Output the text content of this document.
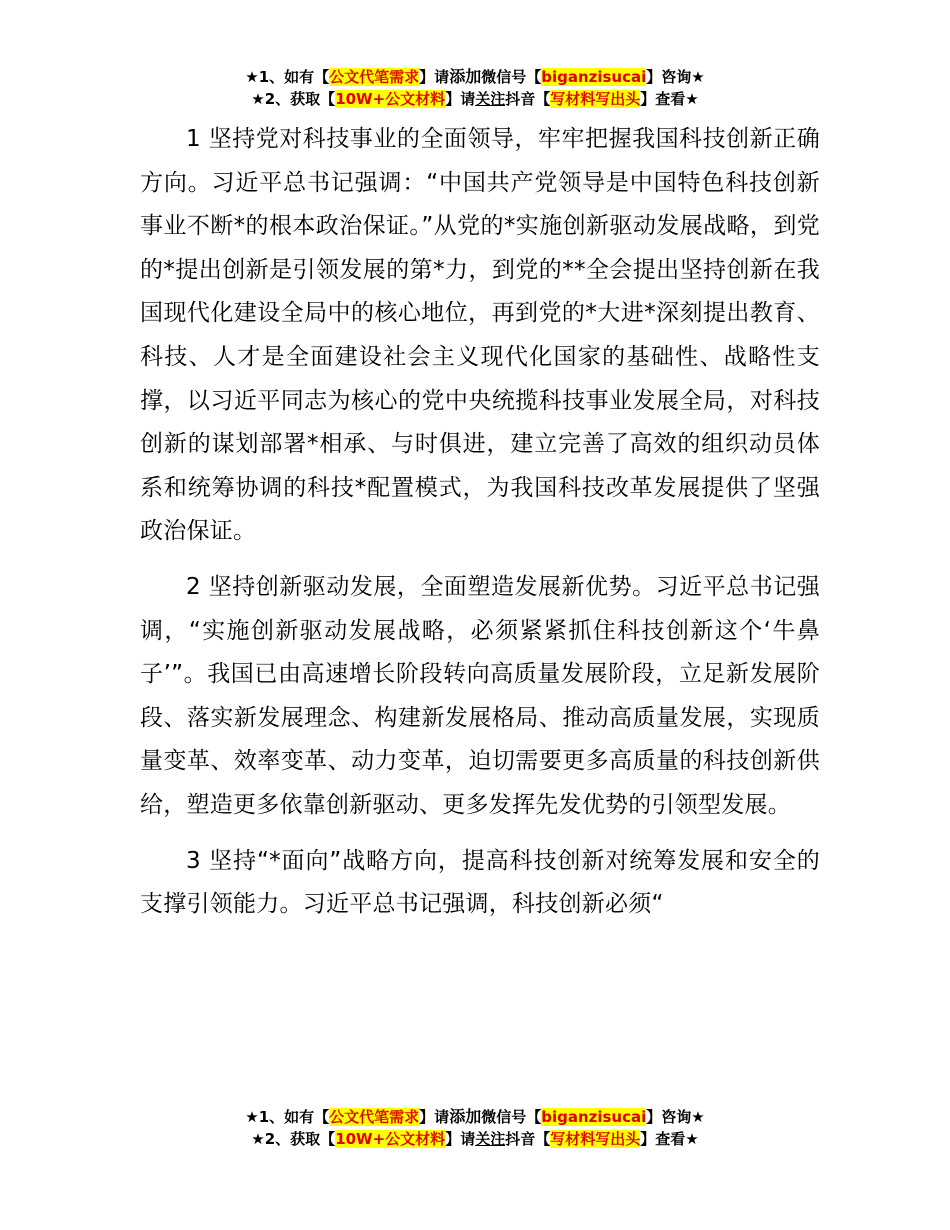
★1、如有【公文代笔需求】请添加微信号【biganzisucai】咨询★
★2、获取【10W+公文材料】请关注抖音【写材料写出头】查看★

1 坚持党对科技事业的全面领导，牢牢把握我国科技创新正确方向。习近平总书记强调：“中国共产党领导是中国特色科技创新事业不断*的根本政治保证。”从党的*实施创新驱动发展战略，到党的*提出创新是引领发展的第*力，到党的**全会提出坚持创新在我国现代化建设全局中的核心地位，再到党的*大进*深刻提出教育、科技、人才是全面建设社会主义现代化国家的基础性、战略性支撑，以习近平同志为核心的党中央统揽科技事业发展全局，对科技创新的谋划部署*相承、与时俱进，建立完善了高效的组织动员体系和统筹协调的科技*配置模式，为我国科技改革发展提供了坚强政治保证。

2 坚持创新驱动发展，全面塑造发展新优势。习近平总书记强调，“实施创新驱动发展战略，必须紧紧抓住科技创新这个‘牛鼻子’”。我国已由高速增长阶段转向高质量发展阶段，立足新发展阶段、落实新发展理念、构建新发展格局、推动高质量发展，实现质量变革、效率变革、动力变革，迫切需要更多高质量的科技创新供给，塑造更多依靠创新驱动、更多发挥先发优势的引领型发展。

3 坚持“*面向”战略方向，提高科技创新对统筹发展和安全的支撑引领能力。习近平总书记强调，科技创新必须“

★1、如有【公文代笔需求】请添加微信号【biganzisucai】咨询★
★2、获取【10W+公文材料】请关注抖音【写材料写出头】查看★
